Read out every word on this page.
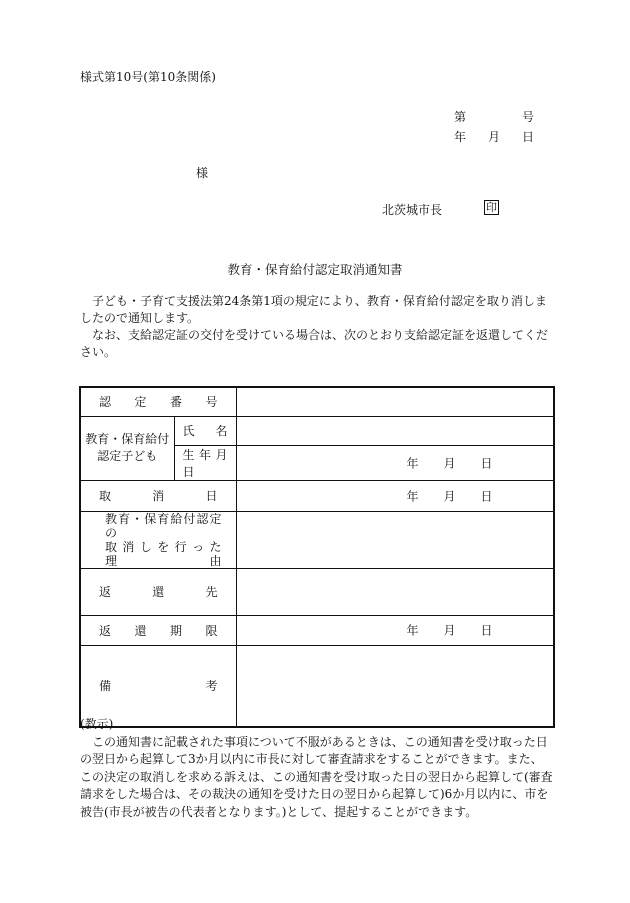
様式第10号(第10条関係)
第	号
年 月 日
様
北茨城市長	印
教育・保育給付認定取消通知書

子ども・子育て支援法第24条第1項の規定により、教育・保育給付認定を取り消しましたので通知します。

なお、支給認定証の交付を受けている場合は、次のとおり支給認定証を返還してください。

認定番号		

教育・保育給付
認定子ども	氏名	
	生年月日	年 月 日

取消日		年 月 日

教育・保育給付認定の
取消しを行った
理由		

返還先		
返還期限		年 月 日

備考		
(教示)

この通知書に記載された事項について不服があるときは、この通知書を受け取った日の翌日から起算して3か月以内に市長に対して審査請求をすることができます。また、この決定の取消しを求める訴えは、この通知書を受け取った日の翌日から起算して(審査請求をした場合は、その裁決の通知を受けた日の翌日から起算して)6か月以内に、市を被告(市長が被告の代表者となります。)として、提起することができます。
